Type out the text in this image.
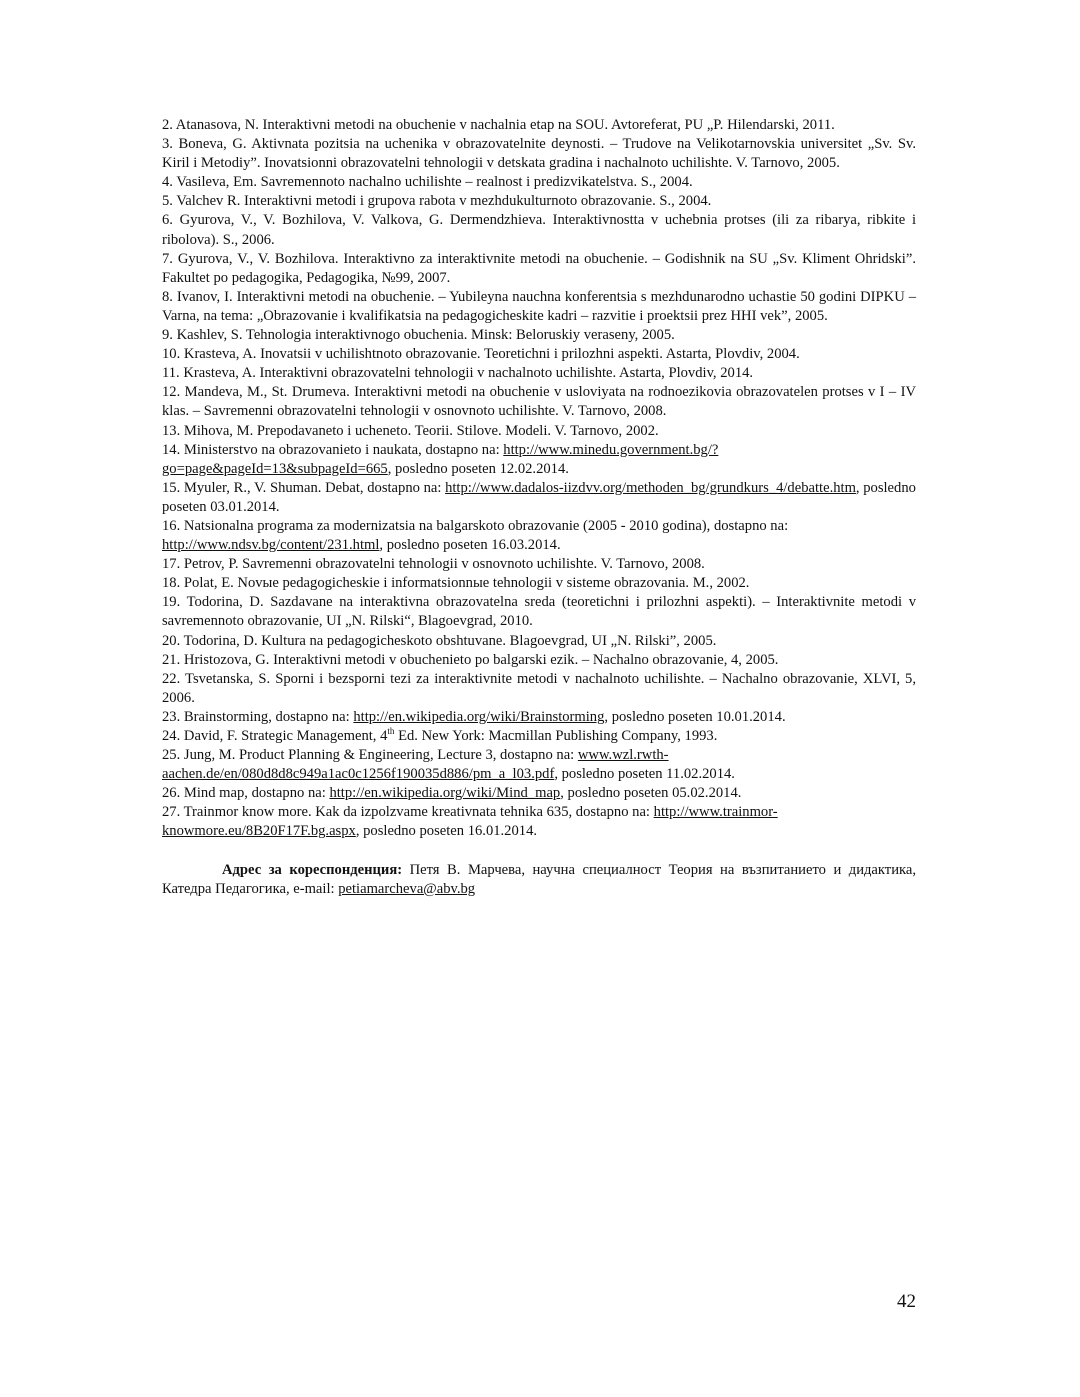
2. Atanasova, N. Interaktivni metodi na obuchenie v nachalnia etap na SOU. Avtoreferat, PU „P. Hilendarski, 2011.

3. Boneva, G. Aktivnata pozitsia na uchenika v obrazovatelnite deynosti. – Trudove na Velikotarnovskia universitet „Sv. Sv. Kiril i Metodiy”. Inovatsionni obrazovatelni tehnologii v detskata gradina i nachalnoto uchilishte. V. Tarnovo, 2005.

4. Vasileva, Em. Savremennoto nachalno uchilishte – realnost i predizvikatelstva. S., 2004.

5. Valchev R. Interaktivni metodi i grupova rabota v mezhdukulturnoto obrazovanie. S., 2004.

6. Gyurova, V., V. Bozhilova, V. Valkova, G. Dermendzhieva. Interaktivnostta v uchebnia protses (ili za ribarya, ribkite i ribolova). S., 2006.

7. Gyurova, V., V. Bozhilova. Interaktivno za interaktivnite metodi na obuchenie. – Godishnik na SU „Sv. Kliment Ohridski”. Fakultet po pedagogika, Pedagogika, №99, 2007.

8. Ivanov, I. Interaktivni metodi na obuchenie. – Yubileyna nauchna konferentsia s mezhdunarodno uchastie 50 godini DIPKU – Varna, na tema: „Obrazovanie i kvalifikatsia na pedagogicheskite kadri – razvitie i proektsii prez HHI vek”, 2005.

9. Kashlev, S. Tehnologia interaktivnogo obuchenia. Minsk: Beloruskiy veraseny, 2005.

10. Krasteva, A. Inovatsii v uchilishtnoto obrazovanie. Teoretichni i prilozhni aspekti. Astarta, Plovdiv, 2004.

11. Krasteva, A. Interaktivni obrazovatelni tehnologii v nachalnoto uchilishte. Astarta, Plovdiv, 2014.

12. Mandeva, M., St. Drumeva. Interaktivni metodi na obuchenie v usloviyata na rodnoezikovia obrazovatelen protses v I – IV klas. – Savremenni obrazovatelni tehnologii v osnovnoto uchilishte. V. Tarnovo, 2008.

13. Mihova, M. Prepodavaneto i ucheneto. Teorii. Stilove. Modeli. V. Tarnovo, 2002.

14. Ministerstvo na obrazovanieto i naukata, dostapno na: http://www.minedu.government.bg/?go=page&pageId=13&subpageId=665, posledno poseten 12.02.2014.

15. Myuler, R., V. Shuman. Debat, dostapno na: http://www.dadalos-iizdvv.org/methoden_bg/grundkurs_4/debatte.htm, posledno poseten 03.01.2014.

16. Natsionalna programa za modernizatsia na balgarskoto obrazovanie (2005 - 2010 godina), dostapno na: http://www.ndsv.bg/content/231.html, posledno poseten 16.03.2014.

17. Petrov, P. Savremenni obrazovatelni tehnologii v osnovnoto uchilishte. V. Tarnovo, 2008.

18. Polat, E. Novыe pedagogicheskie i informatsionnыe tehnologii v sisteme obrazovania. M., 2002.

19. Todorina, D. Sazdavane na interaktivna obrazovatelna sreda (teoretichni i prilozhni aspekti). – Interaktivnite metodi v savremennoto obrazovanie, UI „N. Rilski“, Blagoevgrad, 2010.

20. Todorina, D. Kultura na pedagogicheskoto obshtuvane. Blagoevgrad, UI „N. Rilski”, 2005.

21. Hristozova, G. Interaktivni metodi v obuchenieto po balgarski ezik. – Nachalno obrazovanie, 4, 2005.

22. Tsvetanska, S. Sporni i bezsporni tezi za interaktivnite metodi v nachalnoto uchilishte. – Nachalno obrazovanie, XLVI, 5, 2006.

23. Brainstorming, dostapno na: http://en.wikipedia.org/wiki/Brainstorming, posledno poseten 10.01.2014.

24. David, F. Strategic Management, 4th Ed. New York: Macmillan Publishing Company, 1993.

25. Jung, M. Product Planning & Engineering, Lecture 3, dostapno na: www.wzl.rwth-aachen.de/en/080d8d8c949a1ac0c1256f190035d886/pm_a_l03.pdf, posledno poseten 11.02.2014.

26. Mind map, dostapno na: http://en.wikipedia.org/wiki/Mind_map, posledno poseten 05.02.2014.

27. Trainmor know more. Kak da izpolzvame kreativnata tehnika 635, dostapno na: http://www.trainmor-knowmore.eu/8B20F17F.bg.aspx, posledno poseten 16.01.2014.

Адрес за кореспонденция: Петя В. Марчева, научна специалност Теория на възпитанието и дидактика, Катедра Педагогика, e-mail: petiamarcheva@abv.bg

42
